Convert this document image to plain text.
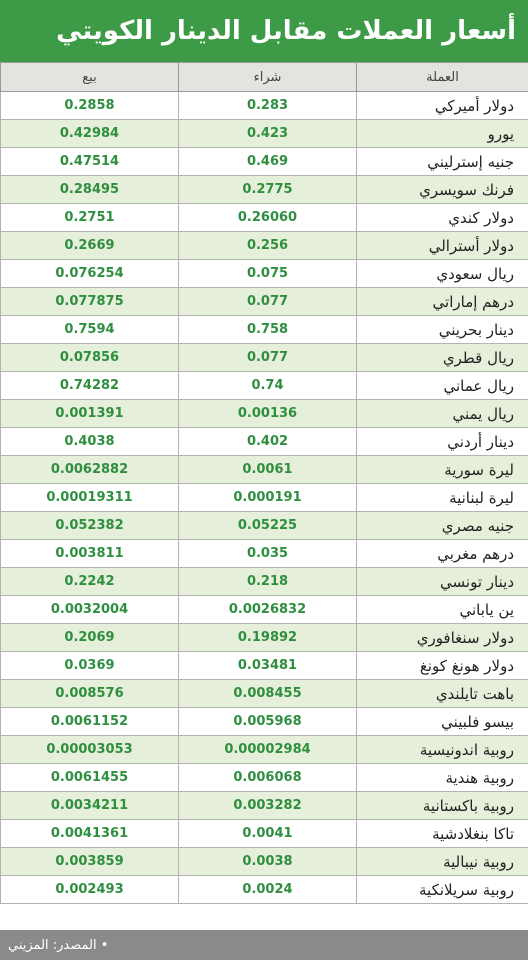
أسعار العملات مقابل الدينار الكويتي
بيع	شراء	العملة
0.2858	0.283	دولار أميركي
0.42984	0.423	يورو
0.47514	0.469	جنيه إسترليني
0.28495	0.2775	فرنك سويسري
0.2751	0.26060	دولار كندي
0.2669	0.256	دولار أسترالي
0.076254	0.075	ريال سعودي
0.077875	0.077	درهم إماراتي
0.7594	0.758	دينار بحريني
0.07856	0.077	ريال قطري
0.74282	0.74	ريال عماني
0.001391	0.00136	ريال يمني
0.4038	0.402	دينار أردني
0.0062882	0.0061	ليرة سورية
0.00019311	0.000191	ليرة لبنانية
0.052382	0.05225	جنيه مصري
0.003811	0.035	درهم مغربي
0.2242	0.218	دينار تونسي
0.0032004	0.0026832	ين ياباني
0.2069	0.19892	دولار سنغافوري
0.0369	0.03481	دولار هونغ كونغ
0.008576	0.008455	باهت تايلندي
0.0061152	0.005968	بيسو فلبيني
0.00003053	0.00002984	روبية اندونيسية
0.0061455	0.006068	روبية هندية
0.0034211	0.003282	روبية باكستانية
0.0041361	0.0041	تاكا بنغلادشية
0.003859	0.0038	روبية نيبالية
0.002493	0.0024	روبية سريلانكية
• المصدر: المزيني
